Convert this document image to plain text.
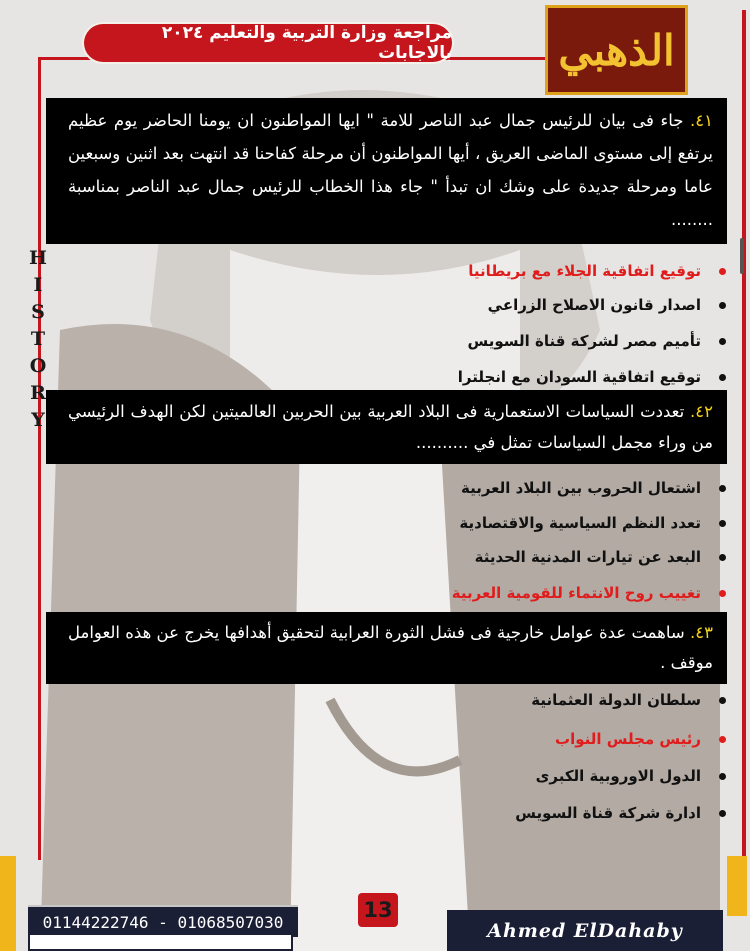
مراجعة وزارة التربية والتعليم ٢٠٢٤ بالاجابات	الذهبي
H
I
S
T
O
R
Y
٤١. جاء فى بيان للرئيس جمال عبد الناصر للامة " ايها المواطنون ان يومنا الحاضر يوم عظيم يرتفع إلى مستوى الماضى العريق ، أيها المواطنون أن مرحلة كفاحنا قد انتهت بعد اثنين وسبعين عاما ومرحلة جديدة على وشك ان تبدأ " جاء هذا الخطاب للرئيس جمال عبد الناصر بمناسبة ........
توقيع اتفاقية الجلاء مع بريطانيا
اصدار قانون الاصلاح الزراعي
تأميم مصر لشركة قناة السويس
توقيع اتفاقية السودان مع انجلترا
٤٢. تعددت السياسات الاستعمارية فى البلاد العربية بين الحربين العالميتين لكن الهدف الرئيسي من وراء مجمل السياسات تمثل في ..........
اشتعال الحروب بين البلاد العربية
تعدد النظم السياسية والاقتصادية
البعد عن تيارات المدنية الحديثة
تغييب روح الانتماء للقومية العربية
٤٣. ساهمت عدة عوامل خارجية فى فشل الثورة العرابية لتحقيق أهدافها يخرج عن هذه العوامل موقف .
سلطان الدولة العثمانية
رئيس مجلس النواب
الدول الاوروبية الكبرى
ادارة شركة قناة السويس
01144222746 - 01068507030	13
Ahmed ElDahaby
